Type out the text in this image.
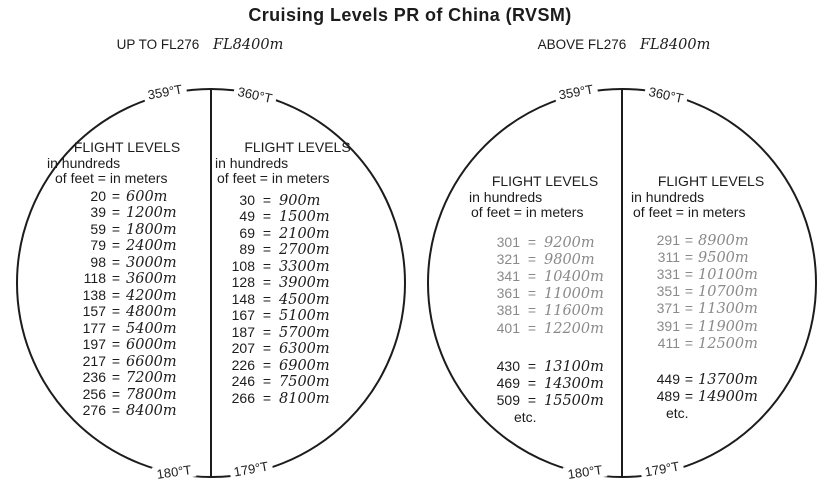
Cruising Levels PR of China (RVSM)
UP TO FL276 FL8400m	ABOVE FL276 FL8400m
359°T	360°T
180°T	179°T
FLIGHT LEVELS
in hundreds
of feet = in meters
20 = 600m
39 = 1200m
59 = 1800m
79 = 2400m
98 = 3000m
118 = 3600m
138 = 4200m
157 = 4800m
177 = 5400m
197 = 6000m
217 = 6600m
236 = 7200m
256 = 7800m
276 = 8400m
FLIGHT LEVELS
in hundreds
of feet = in meters
30 = 900m
49 = 1500m
69 = 2100m
89 = 2700m
108 = 3300m
128 = 3900m
148 = 4500m
167 = 5100m
187 = 5700m
207 = 6300m
226 = 6900m
246 = 7500m
266 = 8100m
359°T	360°T
180°T	179°T
FLIGHT LEVELS
in hundreds
of feet = in meters
301 = 9200m
321 = 9800m
341 = 10400m
361 = 11000m
381 = 11600m
401 = 12200m
430 = 13100m
469 = 14300m
509 = 15500m
etc.
FLIGHT LEVELS
in hundreds
of feet = in meters
291 = 8900m
311 = 9500m
331 = 10100m
351 = 10700m
371 = 11300m
391 = 11900m
411 = 12500m
449 = 13700m
489 = 14900m
etc.
